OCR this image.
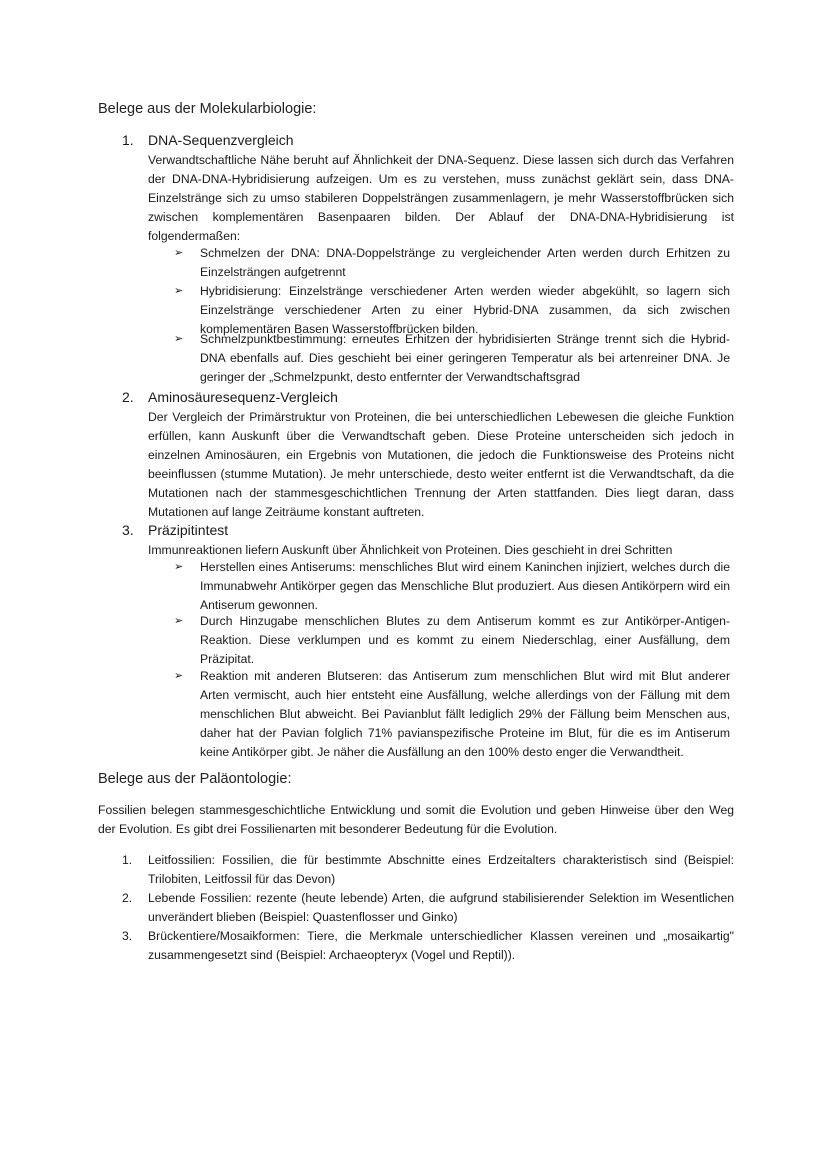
Belege aus der Molekularbiologie:
1. DNA-Sequenzvergleich
Verwandtschaftliche Nähe beruht auf Ähnlichkeit der DNA-Sequenz. Diese lassen sich durch das Verfahren der DNA-DNA-Hybridisierung aufzeigen. Um es zu verstehen, muss zunächst geklärt sein, dass DNA-Einzelstränge sich zu umso stabileren Doppelsträngen zusammenlagern, je mehr Wasserstoffbrücken sich zwischen komplementären Basenpaaren bilden. Der Ablauf der DNA-DNA-Hybridisierung ist folgendermaßen:
➢ Schmelzen der DNA: DNA-Doppelstränge zu vergleichender Arten werden durch Erhitzen zu Einzelsträngen aufgetrennt
➢ Hybridisierung: Einzelstränge verschiedener Arten werden wieder abgekühlt, so lagern sich Einzelstränge verschiedener Arten zu einer Hybrid-DNA zusammen, da sich zwischen komplementären Basen Wasserstoffbrücken bilden.
➢ Schmelzpunktbestimmung: erneutes Erhitzen der hybridisierten Stränge trennt sich die Hybrid-DNA ebenfalls auf. Dies geschieht bei einer geringeren Temperatur als bei artenreiner DNA. Je geringer der „Schmelzpunkt, desto entfernter der Verwandtschaftsgrad
2. Aminosäuresequenz-Vergleich
Der Vergleich der Primärstruktur von Proteinen, die bei unterschiedlichen Lebewesen die gleiche Funktion erfüllen, kann Auskunft über die Verwandtschaft geben. Diese Proteine unterscheiden sich jedoch in einzelnen Aminosäuren, ein Ergebnis von Mutationen, die jedoch die Funktionsweise des Proteins nicht beeinflussen (stumme Mutation). Je mehr unterschiede, desto weiter entfernt ist die Verwandtschaft, da die Mutationen nach der stammesgeschichtlichen Trennung der Arten stattfanden. Dies liegt daran, dass Mutationen auf lange Zeiträume konstant auftreten.
3. Präzipitintest
Immunreaktionen liefern Auskunft über Ähnlichkeit von Proteinen. Dies geschieht in drei Schritten
➢ Herstellen eines Antiserums: menschliches Blut wird einem Kaninchen injiziert, welches durch die Immunabwehr Antikörper gegen das Menschliche Blut produziert. Aus diesen Antikörpern wird ein Antiserum gewonnen.
➢ Durch Hinzugabe menschlichen Blutes zu dem Antiserum kommt es zur Antikörper-Antigen-Reaktion. Diese verklumpen und es kommt zu einem Niederschlag, einer Ausfällung, dem Präzipitat.
➢ Reaktion mit anderen Blutseren: das Antiserum zum menschlichen Blut wird mit Blut anderer Arten vermischt, auch hier entsteht eine Ausfällung, welche allerdings von der Fällung mit dem menschlichen Blut abweicht. Bei Pavianblut fällt lediglich 29% der Fällung beim Menschen aus, daher hat der Pavian folglich 71% pavianspezifische Proteine im Blut, für die es im Antiserum keine Antikörper gibt. Je näher die Ausfällung an den 100% desto enger die Verwandtheit.
Belege aus der Paläontologie:
Fossilien belegen stammesgeschichtliche Entwicklung und somit die Evolution und geben Hinweise über den Weg der Evolution. Es gibt drei Fossilienarten mit besonderer Bedeutung für die Evolution.
1. Leitfossilien: Fossilien, die für bestimmte Abschnitte eines Erdzeitalters charakteristisch sind (Beispiel: Trilobiten, Leitfossil für das Devon)
2. Lebende Fossilien: rezente (heute lebende) Arten, die aufgrund stabilisierender Selektion im Wesentlichen unverändert blieben (Beispiel: Quastenflosser und Ginko)
3. Brückentiere/Mosaikformen: Tiere, die Merkmale unterschiedlicher Klassen vereinen und „mosaikartig" zusammengesetzt sind (Beispiel: Archaeopteryx (Vogel und Reptil)).
